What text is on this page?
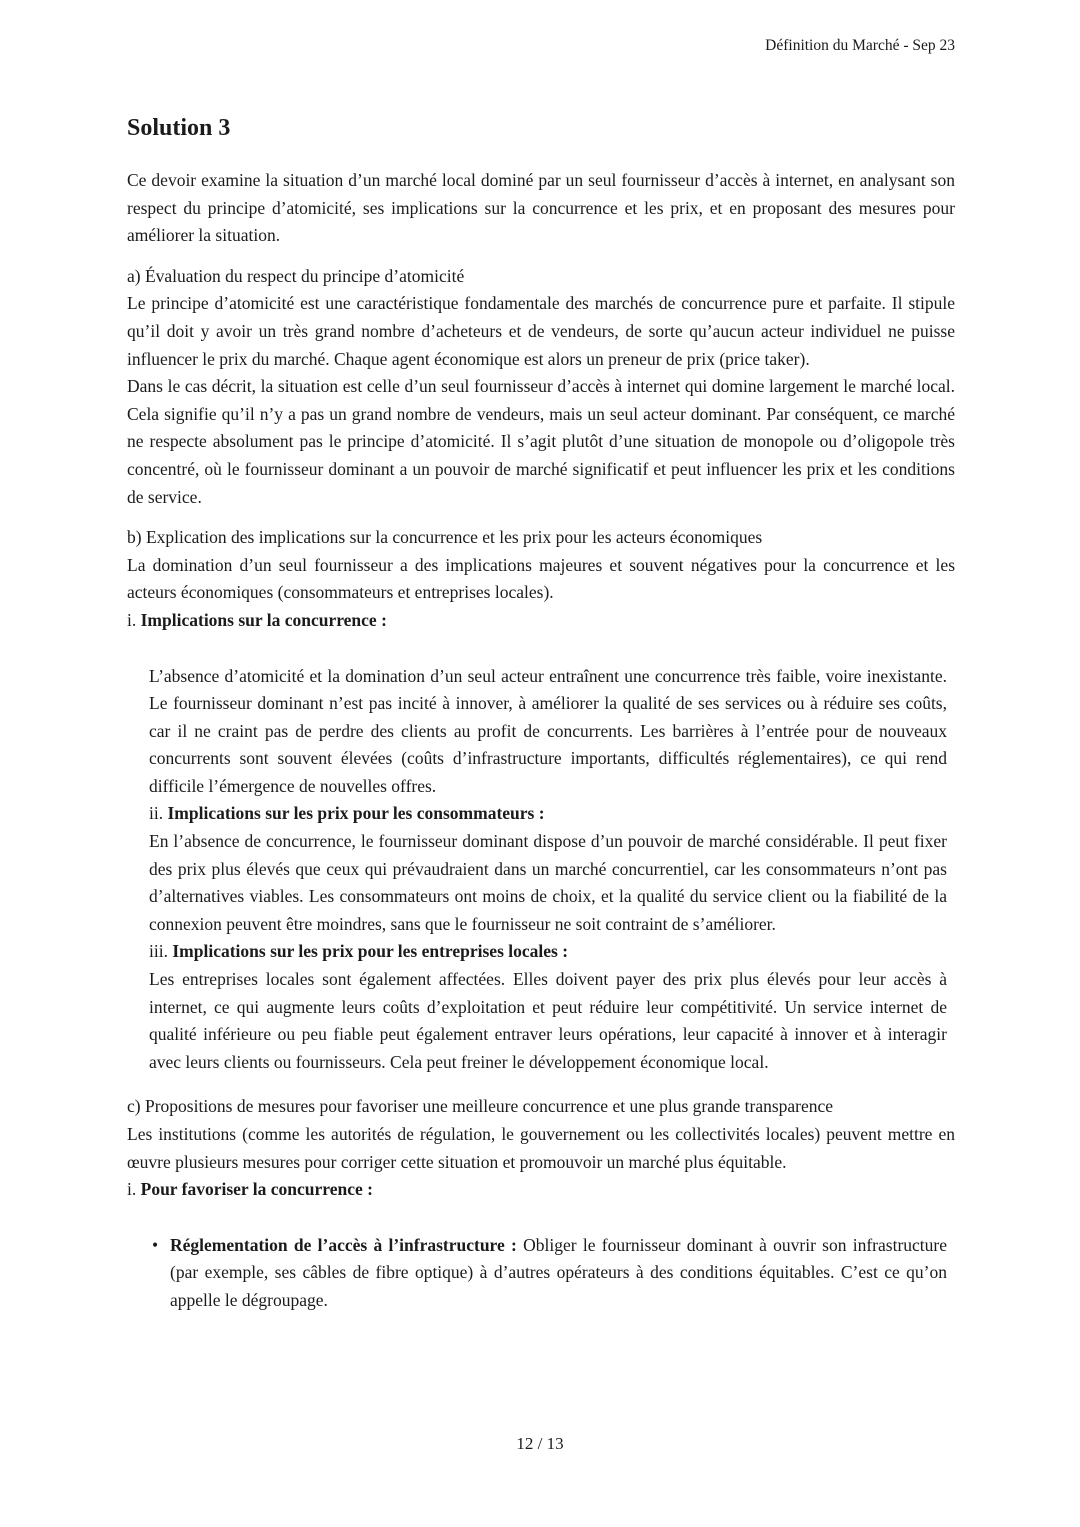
Définition du Marché - Sep 23
Solution 3

Ce devoir examine la situation d’un marché local dominé par un seul fournisseur d’accès à internet, en analysant son respect du principe d’atomicité, ses implications sur la concurrence et les prix, et en proposant des mesures pour améliorer la situation.

a) Évaluation du respect du principe d’atomicité

Le principe d’atomicité est une caractéristique fondamentale des marchés de concurrence pure et parfaite. Il stipule qu’il doit y avoir un très grand nombre d’acheteurs et de vendeurs, de sorte qu’aucun acteur individuel ne puisse influencer le prix du marché. Chaque agent économique est alors un preneur de prix (price taker).

Dans le cas décrit, la situation est celle d’un seul fournisseur d’accès à internet qui domine largement le marché local. Cela signifie qu’il n’y a pas un grand nombre de vendeurs, mais un seul acteur dominant. Par conséquent, ce marché ne respecte absolument pas le principe d’atomicité. Il s’agit plutôt d’une situation de monopole ou d’oligopole très concentré, où le fournisseur dominant a un pouvoir de marché significatif et peut influencer les prix et les conditions de service.

b) Explication des implications sur la concurrence et les prix pour les acteurs économiques

La domination d’un seul fournisseur a des implications majeures et souvent négatives pour la concurrence et les acteurs économiques (consommateurs et entreprises locales).

i. Implications sur la concurrence :

L’absence d’atomicité et la domination d’un seul acteur entraînent une concurrence très faible, voire inexistante. Le fournisseur dominant n’est pas incité à innover, à améliorer la qualité de ses services ou à réduire ses coûts, car il ne craint pas de perdre des clients au profit de concurrents. Les barrières à l’entrée pour de nouveaux concurrents sont souvent élevées (coûts d’infrastructure importants, difficultés réglementaires), ce qui rend difficile l’émergence de nouvelles offres.

ii. Implications sur les prix pour les consommateurs :

En l’absence de concurrence, le fournisseur dominant dispose d’un pouvoir de marché considérable. Il peut fixer des prix plus élevés que ceux qui prévaudraient dans un marché concurrentiel, car les consommateurs n’ont pas d’alternatives viables. Les consommateurs ont moins de choix, et la qualité du service client ou la fiabilité de la connexion peuvent être moindres, sans que le fournisseur ne soit contraint de s’améliorer.

iii. Implications sur les prix pour les entreprises locales :

Les entreprises locales sont également affectées. Elles doivent payer des prix plus élevés pour leur accès à internet, ce qui augmente leurs coûts d’exploitation et peut réduire leur compétitivité. Un service internet de qualité inférieure ou peu fiable peut également entraver leurs opérations, leur capacité à innover et à interagir avec leurs clients ou fournisseurs. Cela peut freiner le développement économique local.

c) Propositions de mesures pour favoriser une meilleure concurrence et une plus grande transparence

Les institutions (comme les autorités de régulation, le gouvernement ou les collectivités locales) peuvent mettre en œuvre plusieurs mesures pour corriger cette situation et promouvoir un marché plus équitable.

i. Pour favoriser la concurrence :
• Réglementation de l’accès à l’infrastructure : Obliger le fournisseur dominant à ouvrir son infrastructure (par exemple, ses câbles de fibre optique) à d’autres opérateurs à des conditions équitables. C’est ce qu’on appelle le dégroupage.

12 / 13
